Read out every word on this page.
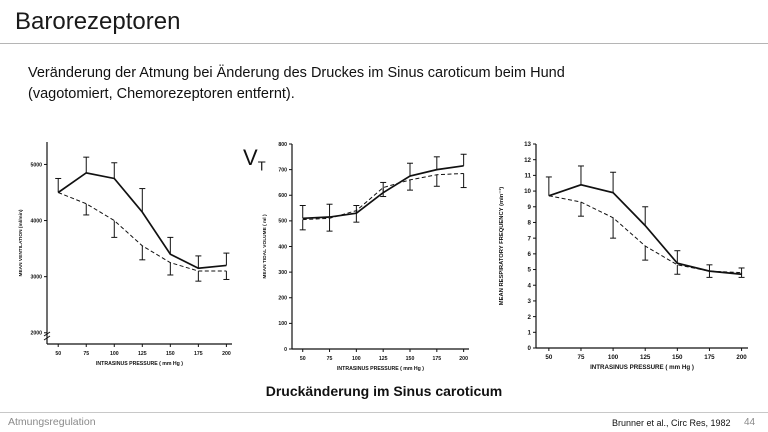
Barorezeptoren
Veränderung der Atmung bei Änderung des Druckes im Sinus caroticum beim Hund
(vagotomiert, Chemorezeptoren entfernt).
2000
3000
4000
5000
50	75	100	125	150	175	200
INTRASINUS PRESSURE ( mm Hg )
MEAN VENTILATION (ml/min)
0
100
200
300
400
500
600
700
800
50	75	100	125	150	175	200
INTRASINUS PRESSURE ( mm Hg )
MEAN TIDAL VOLUME ( ml )
0
1
2
3
4
5
6
7
8
9
10
11
12
13
50	75	100	125	150	175	200
INTRASINUS PRESSURE ( mm Hg )
MEAN RESPIRATORY FREQUENCY (min⁻¹)
$V_T$
Druckänderung im Sinus caroticum
Atmungsregulation	Brunner et al., Circ Res, 1982 44
